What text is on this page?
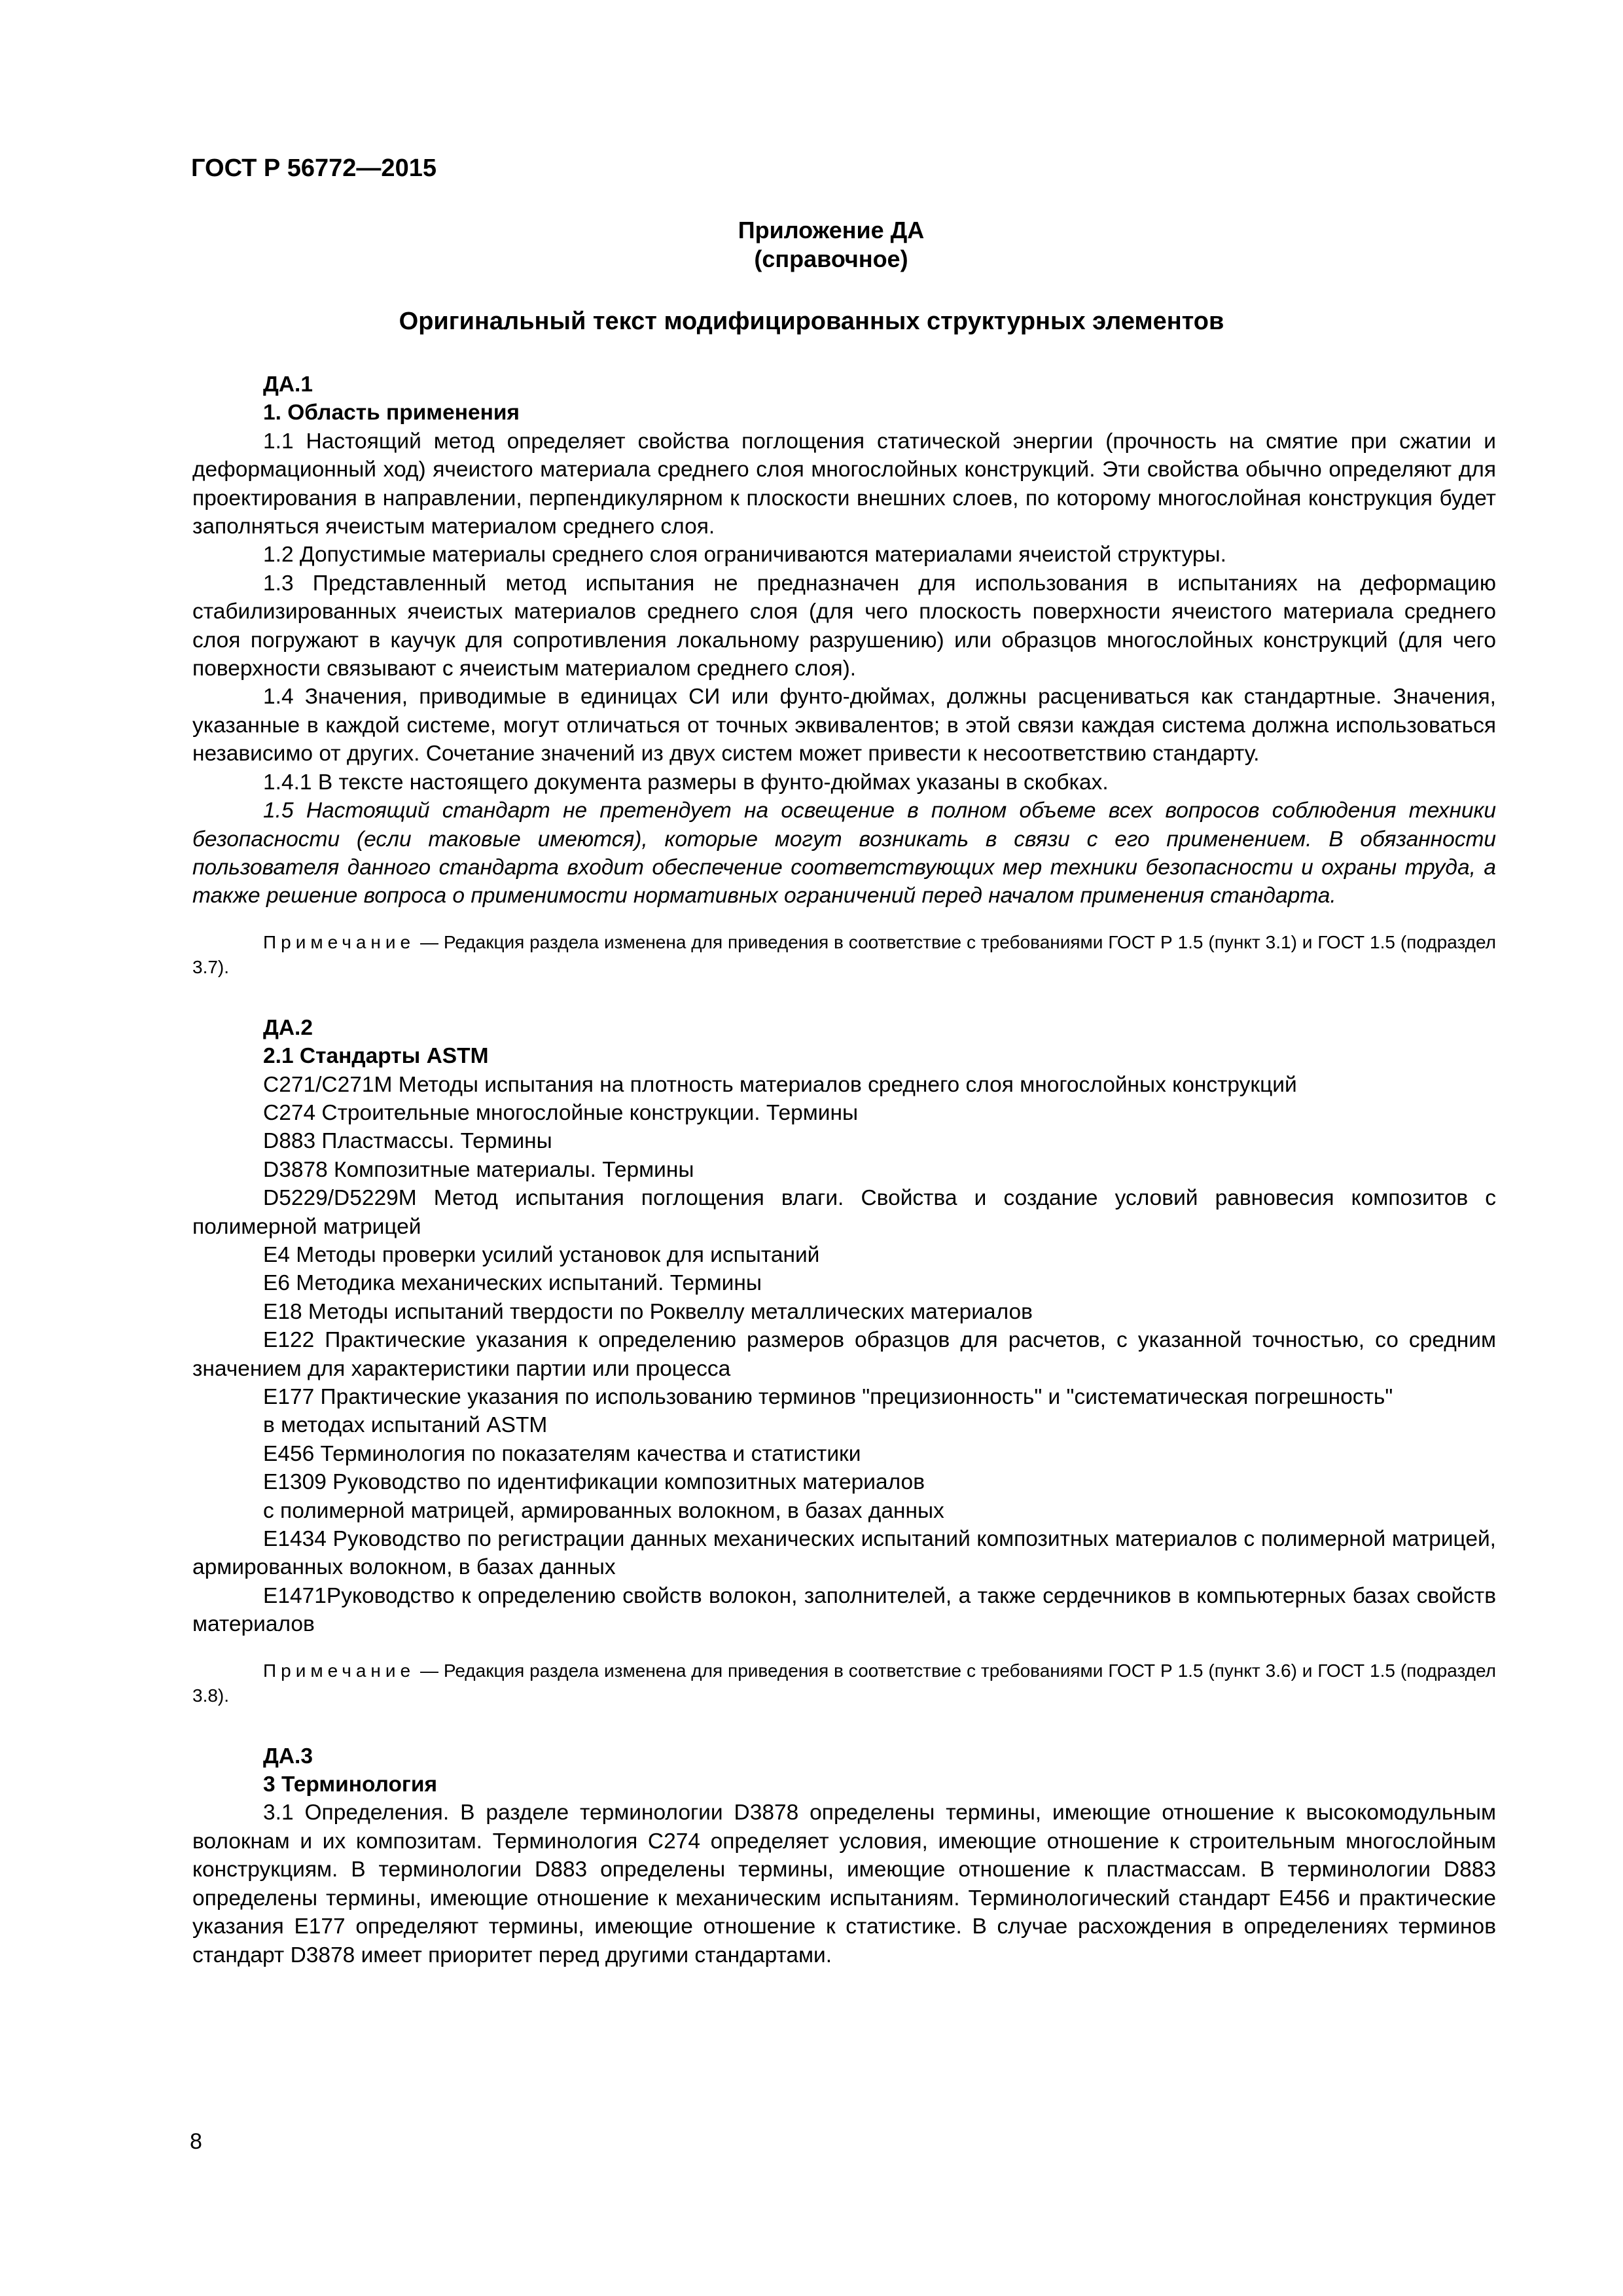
ГОСТ Р 56772—2015
Приложение ДА
(справочное)
Оригинальный текст модифицированных структурных элементов
ДА.1
1. Область применения

1.1 Настоящий метод определяет свойства поглощения статической энергии (прочность на смятие при сжатии и деформационный ход) ячеистого материала среднего слоя многослойных конструкций. Эти свойства обычно определяют для проектирования в направлении, перпендикулярном к плоскости внешних слоев, по которому многослойная конструкция будет заполняться ячеистым материалом среднего слоя.

1.2 Допустимые материалы среднего слоя ограничиваются материалами ячеистой структуры.

1.3 Представленный метод испытания не предназначен для использования в испытаниях на деформацию стабилизированных ячеистых материалов среднего слоя (для чего плоскость поверхности ячеистого материала среднего слоя погружают в каучук для сопротивления локальному разрушению) или образцов многослойных конструкций (для чего поверхности связывают с ячеистым материалом среднего слоя).

1.4 Значения, приводимые в единицах СИ или фунто-дюймах, должны расцениваться как стандартные. Значения, указанные в каждой системе, могут отличаться от точных эквивалентов; в этой связи каждая система должна использоваться независимо от других. Сочетание значений из двух систем может привести к несоответствию стандарту.

1.4.1 В тексте настоящего документа размеры в фунто-дюймах указаны в скобках.

1.5 Настоящий стандарт не претендует на освещение в полном объеме всех вопросов соблюдения техники безопасности (если таковые имеются), которые могут возникать в связи с его применением. В обязанности пользователя данного стандарта входит обеспечение соответствующих мер техники безопасности и охраны труда, а также решение вопроса о применимости нормативных ограничений перед началом применения стандарта.

Примечание — Редакция раздела изменена для приведения в соответствие с требованиями ГОСТ Р 1.5 (пункт 3.1) и ГОСТ 1.5 (подраздел 3.7).

ДА.2
2.1 Стандарты ASTM

C271/C271M Методы испытания на плотность материалов среднего слоя многослойных конструкций

C274 Строительные многослойные конструкции. Термины

D883 Пластмассы. Термины

D3878 Композитные материалы. Термины

D5229/D5229M Метод испытания поглощения влаги. Свойства и создание условий равновесия композитов с полимерной матрицей

E4 Методы проверки усилий установок для испытаний

E6 Методика механических испытаний. Термины

E18 Методы испытаний твердости по Роквеллу металлических материалов

E122 Практические указания к определению размеров образцов для расчетов, с указанной точностью, со средним значением для характеристики партии или процесса

E177 Практические указания по использованию терминов "прецизионность" и "систематическая погрешность"

в методах испытаний ASTM

E456 Терминология по показателям качества и статистики

E1309 Руководство по идентификации композитных материалов

с полимерной матрицей, армированных волокном, в базах данных

E1434 Руководство по регистрации данных механических испытаний композитных материалов с полимерной матрицей, армированных волокном, в базах данных

E1471Руководство к определению свойств волокон, заполнителей, а также сердечников в компьютерных базах свойств материалов

Примечание — Редакция раздела изменена для приведения в соответствие с требованиями ГОСТ Р 1.5 (пункт 3.6) и ГОСТ 1.5 (подраздел 3.8).

ДА.3
3 Терминология

3.1 Определения. В разделе терминологии D3878 определены термины, имеющие отношение к высокомодульным волокнам и их композитам. Терминология C274 определяет условия, имеющие отношение к строительным многослойным конструкциям. В терминологии D883 определены термины, имеющие отношение к пластмассам. В терминологии D883 определены термины, имеющие отношение к механическим испытаниям. Терминологический стандарт E456 и практические указания E177 определяют термины, имеющие отношение к статистике. В случае расхождения в определениях терминов стандарт D3878 имеет приоритет перед другими стандартами.

8
